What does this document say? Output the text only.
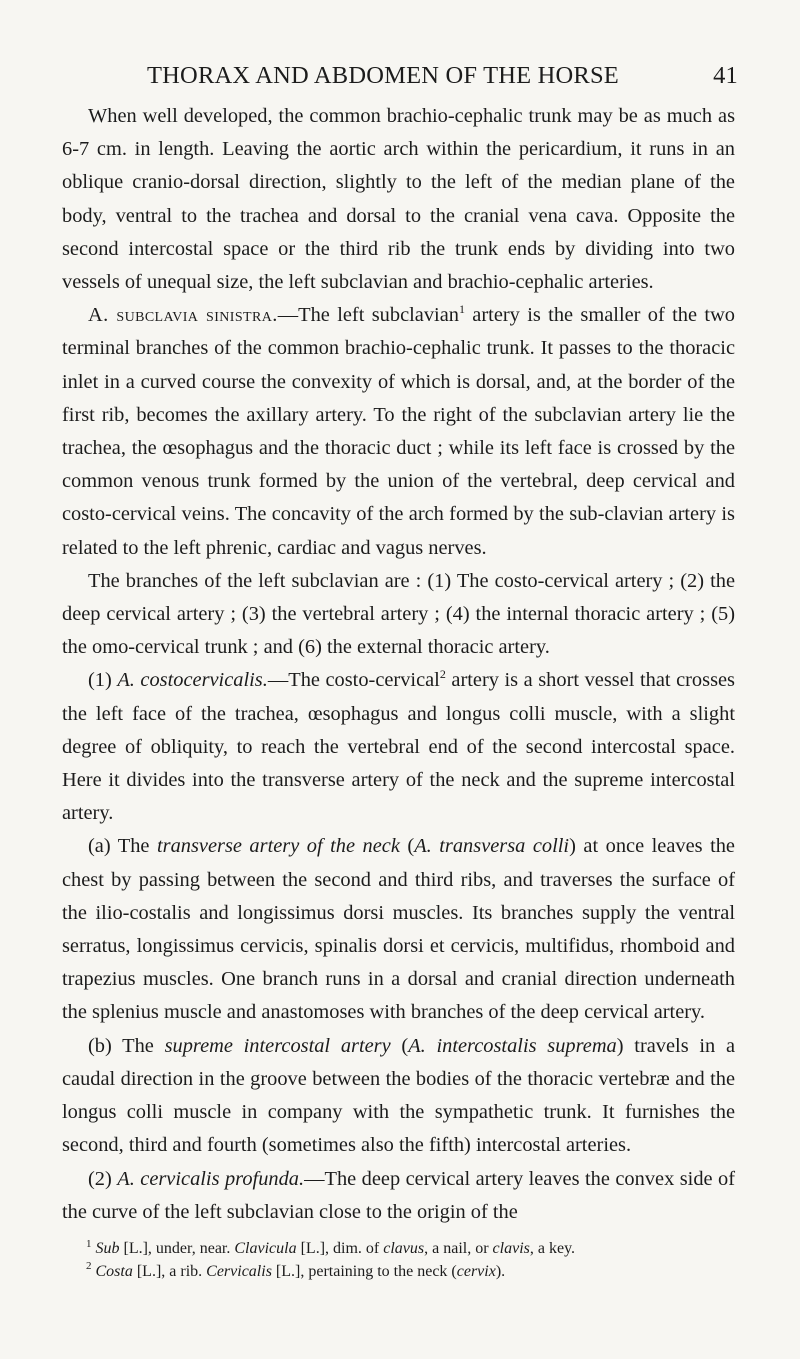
THORAX AND ABDOMEN OF THE HORSE	41

When well developed, the common brachio-cephalic trunk may be as much as 6-7 cm. in length. Leaving the aortic arch within the pericardium, it runs in an oblique cranio-dorsal direction, slightly to the left of the median plane of the body, ventral to the trachea and dorsal to the cranial vena cava. Opposite the second intercostal space or the third rib the trunk ends by dividing into two vessels of unequal size, the left subclavian and brachio-cephalic arteries.

A. subclavia sinistra.—The left subclavian$^1$ artery is the smaller of the two terminal branches of the common brachio-cephalic trunk. It passes to the thoracic inlet in a curved course the convexity of which is dorsal, and, at the border of the first rib, becomes the axillary artery. To the right of the subclavian artery lie the trachea, the œsophagus and the thoracic duct ; while its left face is crossed by the common venous trunk formed by the union of the vertebral, deep cervical and costo-cervical veins. The concavity of the arch formed by the sub-clavian artery is related to the left phrenic, cardiac and vagus nerves.

The branches of the left subclavian are : (1) The costo-cervical artery ; (2) the deep cervical artery ; (3) the vertebral artery ; (4) the internal thoracic artery ; (5) the omo-cervical trunk ; and (6) the external thoracic artery.

(1) A. costocervicalis.—The costo-cervical$^2$ artery is a short vessel that crosses the left face of the trachea, œsophagus and longus colli muscle, with a slight degree of obliquity, to reach the vertebral end of the second intercostal space. Here it divides into the transverse artery of the neck and the supreme intercostal artery.

(a) The transverse artery of the neck (A. transversa colli) at once leaves the chest by passing between the second and third ribs, and traverses the surface of the ilio-costalis and longissimus dorsi muscles. Its branches supply the ventral serratus, longissimus cervicis, spinalis dorsi et cervicis, multifidus, rhomboid and trapezius muscles. One branch runs in a dorsal and cranial direction underneath the splenius muscle and anastomoses with branches of the deep cervical artery.

(b) The supreme intercostal artery (A. intercostalis suprema) travels in a caudal direction in the groove between the bodies of the thoracic vertebræ and the longus colli muscle in company with the sympathetic trunk. It furnishes the second, third and fourth (sometimes also the fifth) intercostal arteries.

(2) A. cervicalis profunda.—The deep cervical artery leaves the convex side of the curve of the left subclavian close to the origin of the

$^1$ Sub [L.], under, near. Clavicula [L.], dim. of clavus, a nail, or clavis, a key.

$^2$ Costa [L.], a rib. Cervicalis [L.], pertaining to the neck (cervix).
